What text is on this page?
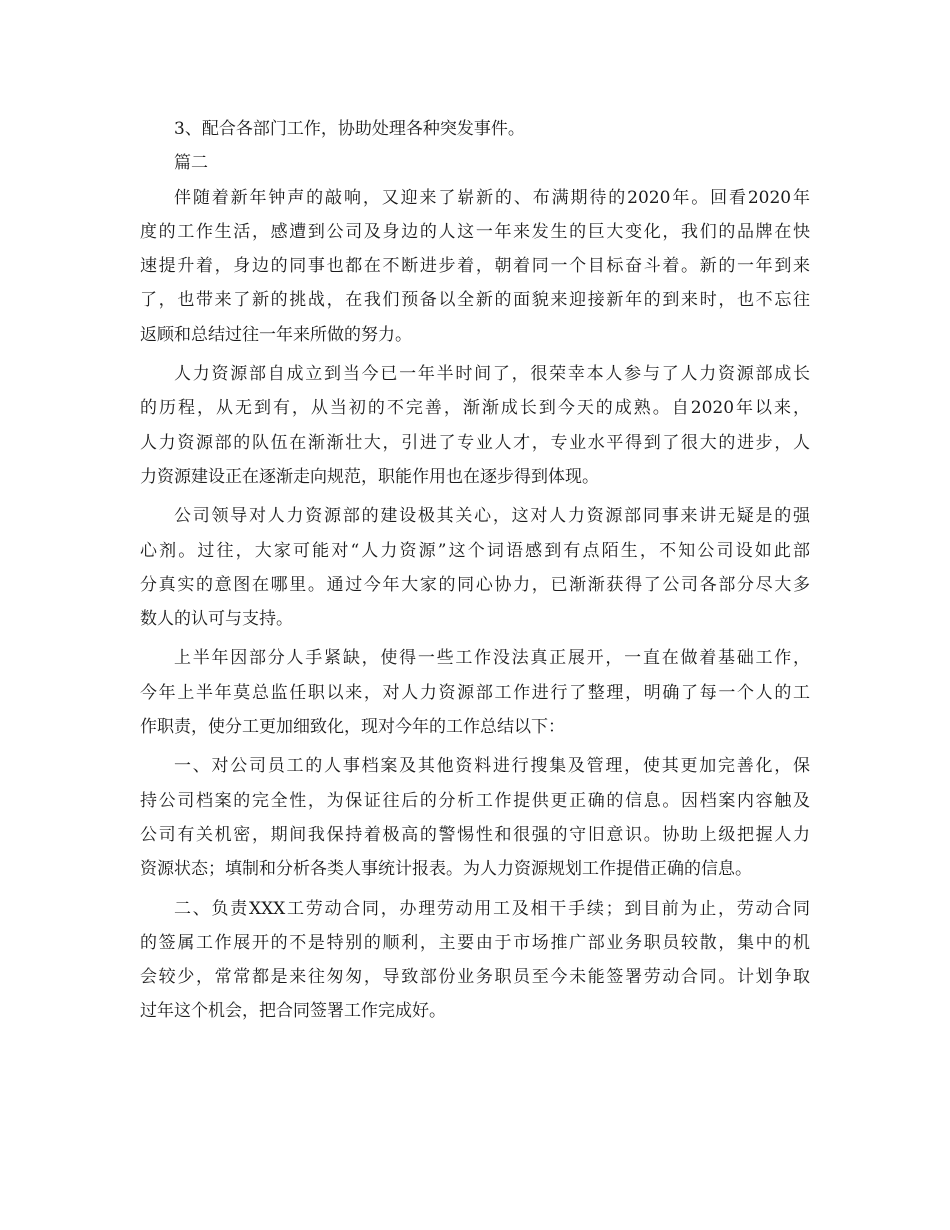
3、配合各部门工作，协助处理各种突发事件。
篇二
伴随着新年钟声的敲响，又迎来了崭新的、布满期待的2020年。回看2020年
度的工作生活，感遭到公司及身边的人这一年来发生的巨大变化，我们的品牌在快
速提升着，身边的同事也都在不断进步着，朝着同一个目标奋斗着。新的一年到来
了，也带来了新的挑战，在我们预备以全新的面貌来迎接新年的到来时，也不忘往
返顾和总结过往一年来所做的努力。
人力资源部自成立到当今已一年半时间了，很荣幸本人参与了人力资源部成长
的历程，从无到有，从当初的不完善，渐渐成长到今天的成熟。自2020年以来，
人力资源部的队伍在渐渐壮大，引进了专业人才，专业水平得到了很大的进步，人
力资源建设正在逐渐走向规范，职能作用也在逐步得到体现。
公司领导对人力资源部的建设极其关心，这对人力资源部同事来讲无疑是的强
心剂。过往，大家可能对“人力资源”这个词语感到有点陌生，不知公司设如此部
分真实的意图在哪里。通过今年大家的同心协力，已渐渐获得了公司各部分尽大多
数人的认可与支持。
上半年因部分人手紧缺，使得一些工作没法真正展开，一直在做着基础工作，
今年上半年莫总监任职以来，对人力资源部工作进行了整理，明确了每一个人的工
作职责，使分工更加细致化，现对今年的工作总结以下：
一、对公司员工的人事档案及其他资料进行搜集及管理，使其更加完善化，保
持公司档案的完全性，为保证往后的分析工作提供更正确的信息。因档案内容触及
公司有关机密，期间我保持着极高的警惕性和很强的守旧意识。协助上级把握人力
资源状态；填制和分析各类人事统计报表。为人力资源规划工作提借正确的信息。
二、负责XXX工劳动合同，办理劳动用工及相干手续；到目前为止，劳动合同
的签属工作展开的不是特别的顺利，主要由于市场推广部业务职员较散，集中的机
会较少，常常都是来往匆匆，导致部份业务职员至今未能签署劳动合同。计划争取
过年这个机会，把合同签署工作完成好。
